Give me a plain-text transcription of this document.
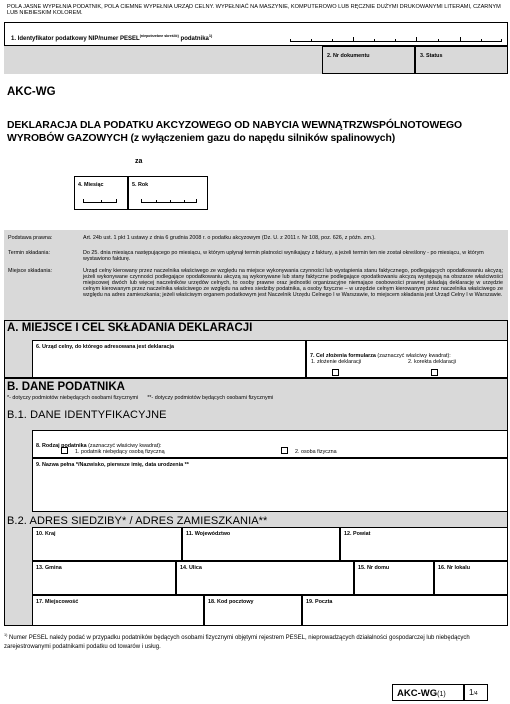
POLA JASNE WYPEŁNIA PODATNIK, POLA CIEMNE WYPEŁNIA URZĄD CELNY. WYPEŁNIAĆ NA MASZYNIE, KOMPUTEROWO LUB RĘCZNIE DUŻYMI DRUKOWANYMI LITERAMI, CZARNYM LUB NIEBIESKIM KOLOREM.
1. Identyfikator podatkowy NIP/numer $PESEL^{(niepotrzebne skreślić)}$ podatnika$^{1)}$
2. Nr dokumentu	3. Status
AKC-WG
DEKLARACJA DLA PODATKU AKCYZOWEGO OD NABYCIA WEWNĄTRZWSPÓLNOTOWEGO
WYROBÓW GAZOWYCH (z wyłączeniem gazu do napędu silników spalinowych)
za
4. Miesiąc	5. Rok
Podstawa prawna:	Art. 24b ust. 1 pkt 1 ustawy z dnia 6 grudnia 2008 r. o podatku akcyzowym (Dz. U. z 2011 r. Nr 108, poz. 626, z późn. zm.).
Termin składania:	Do 25. dnia miesiąca następującego po miesiącu, w którym upłynął termin płatności wynikający z faktury, a jeżeli termin ten nie został określony - po miesiącu, w którym wystawiono fakturę.
Miejsce składania:	Urząd celny kierowany przez naczelnika właściwego ze względu na miejsce wykonywania czynności lub wystąpienia stanu faktycznego, podlegających opodatkowaniu akcyzą; jeżeli wykonywane czynności podlegające opodatkowaniu akcyzą są wykonywane lub stany faktyczne podlegające opodatkowaniu akcyzą występują na obszarze właściwości miejscowej dwóch lub więcej naczelników urzędów celnych, to osoby prawne oraz jednostki organizacyjne niemające osobowości prawnej składają deklarację w urzędzie celnym kierowanym przez naczelnika właściwego ze względu na adres siedziby podatnika, a osoby fizyczne – w urzędzie celnym kierowanym przez naczelnika właściwego ze względu na adres zamieszkania; jeżeli właściwym organem podatkowym jest Naczelnik Urzędu Celnego I w Warszawie, to miejscem składania jest Urząd Celny I w Warszawie.
A. MIEJSCE I CEL SKŁADANIA DEKLARACJI
6. Urząd celny, do którego adresowana jest deklaracja
7. Cel złożenia formularza (zaznaczyć właściwy kwadrat):
1. złożenie deklaracji	2. korekta deklaracji
B. DANE PODATNIKA
*- dotyczy podmiotów niebędących osobami fizycznymi      **- dotyczy podmiotów będących osobami fizycznymi
B.1. DANE IDENTYFIKACYJNE
8. Rodzaj podatnika (zaznaczyć właściwy kwadrat):
1. podatnik niebędący osobą fizyczną	2. osoba fizyczna
9. Nazwa pełna */Nazwisko, pierwsze imię, data urodzenia **
B.2. ADRES SIEDZIBY* / ADRES ZAMIESZKANIA**
10. Kraj	11. Województwo	12. Powiat
13. Gmina	14. Ulica	15. Nr domu	16. Nr lokalu
17. Miejscowość	18. Kod pocztowy	19. Poczta
$^{1)}$ Numer PESEL należy podać w przypadku podatników będących osobami fizycznymi objętymi rejestrem PESEL, nieprowadzących działalności gospodarczej lub niebędących zarejestrowanymi podatnikami podatku od towarów i usług.
AKC-WG(1)	1/4
